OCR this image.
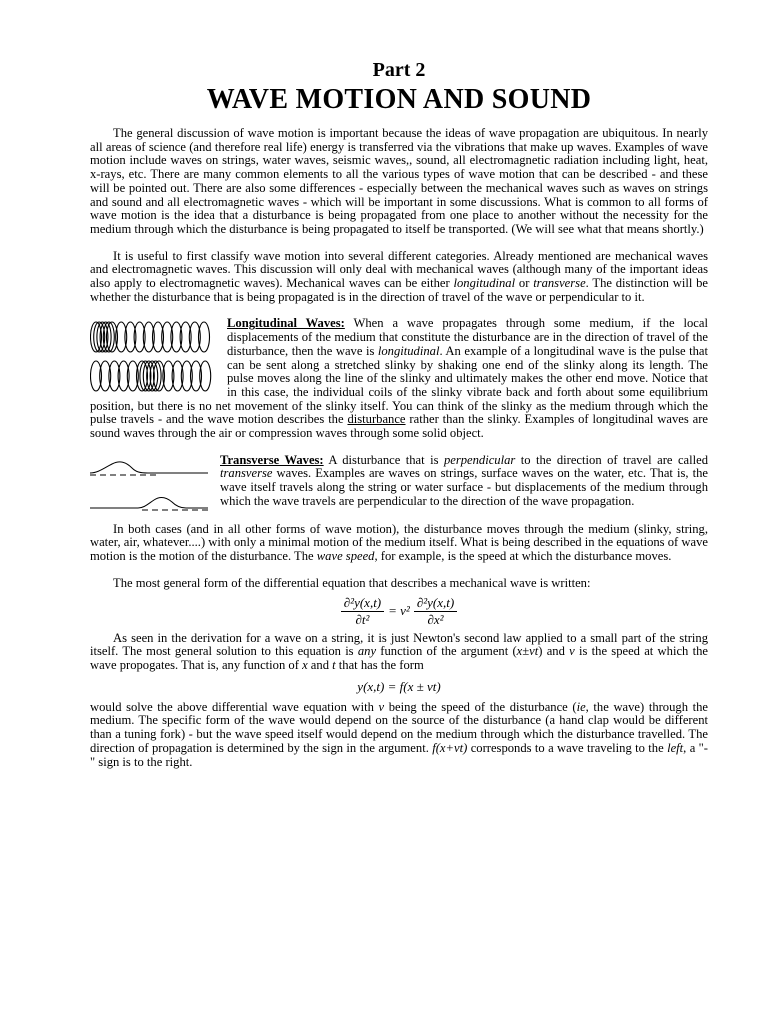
Part 2
WAVE MOTION AND SOUND

The general discussion of wave motion is important because the ideas of wave propagation are ubiquitous. In nearly all areas of science (and therefore real life) energy is transferred via the vibrations that make up waves. Examples of wave motion include waves on strings, water waves, seismic waves,, sound, all electromagnetic radiation including light, heat, x-rays, etc. There are many common elements to all the various types of wave motion that can be described - and these will be pointed out. There are also some differences - especially between the mechanical waves such as waves on strings and sound and all electromagnetic waves - which will be important in some discussions. What is common to all forms of wave motion is the idea that a disturbance is being propagated from one place to another without the necessity for the medium through which the disturbance is being propagated to itself be transported. (We will see what that means shortly.)

It is useful to first classify wave motion into several different categories. Already mentioned are mechanical waves and electromagnetic waves. This discussion will only deal with mechanical waves (although many of the important ideas also apply to electromagnetic waves). Mechanical waves can be either longitudinal or transverse. The distinction will be whether the disturbance that is being propagated is in the direction of travel of the wave or perpendicular to it.

Longitudinal Waves: When a wave propagates through some medium, if the local displacements of the medium that constitute the disturbance are in the direction of travel of the disturbance, then the wave is longitudinal. An example of a longitudinal wave is the pulse that can be sent along a stretched slinky by shaking one end of the slinky along its length. The pulse moves along the line of the slinky and ultimately makes the other end move. Notice that in this case, the individual coils of the slinky vibrate back and forth about some equilibrium position, but there is no net movement of the slinky itself. You can think of the slinky as the medium through which the pulse travels - and the wave motion describes the disturbance rather than the slinky. Examples of longitudinal waves are sound waves through the air or compression waves through some solid object.

Transverse Waves: A disturbance that is perpendicular to the direction of travel are called transverse waves. Examples are waves on strings, surface waves on the water, etc. That is, the wave itself travels along the string or water surface - but displacements of the medium through which the wave travels are perpendicular to the direction of the wave propagation.

In both cases (and in all other forms of wave motion), the disturbance moves through the medium (slinky, string, water, air, whatever....) with only a minimal motion of the medium itself. What is being described in the equations of wave motion is the motion of the disturbance. The wave speed, for example, is the speed at which the disturbance moves.

The most general form of the differential equation that describes a mechanical wave is written:

$\frac{\text{∂²y(x,t)}}{\text{∂t²}} = v^2 \frac{\text{∂²y(x,t)}}{\text{∂x²}}$

As seen in the derivation for a wave on a string, it is just Newton's second law applied to a small part of the string itself. The most general solution to this equation is any function of the argument (x±vt) and v is the speed at which the wave propogates. That is, any function of x and t that has the form

y(x,t) = f(x ± vt)

would solve the above differential wave equation with v being the speed of the disturbance (ie, the wave) through the medium. The specific form of the wave would depend on the source of the disturbance (a hand clap would be different than a tuning fork) - but the wave speed itself would depend on the medium through which the disturbance travelled. The direction of propagation is determined by the sign in the argument. f(x+vt) corresponds to a wave traveling to the left, a "-" sign is to the right.
